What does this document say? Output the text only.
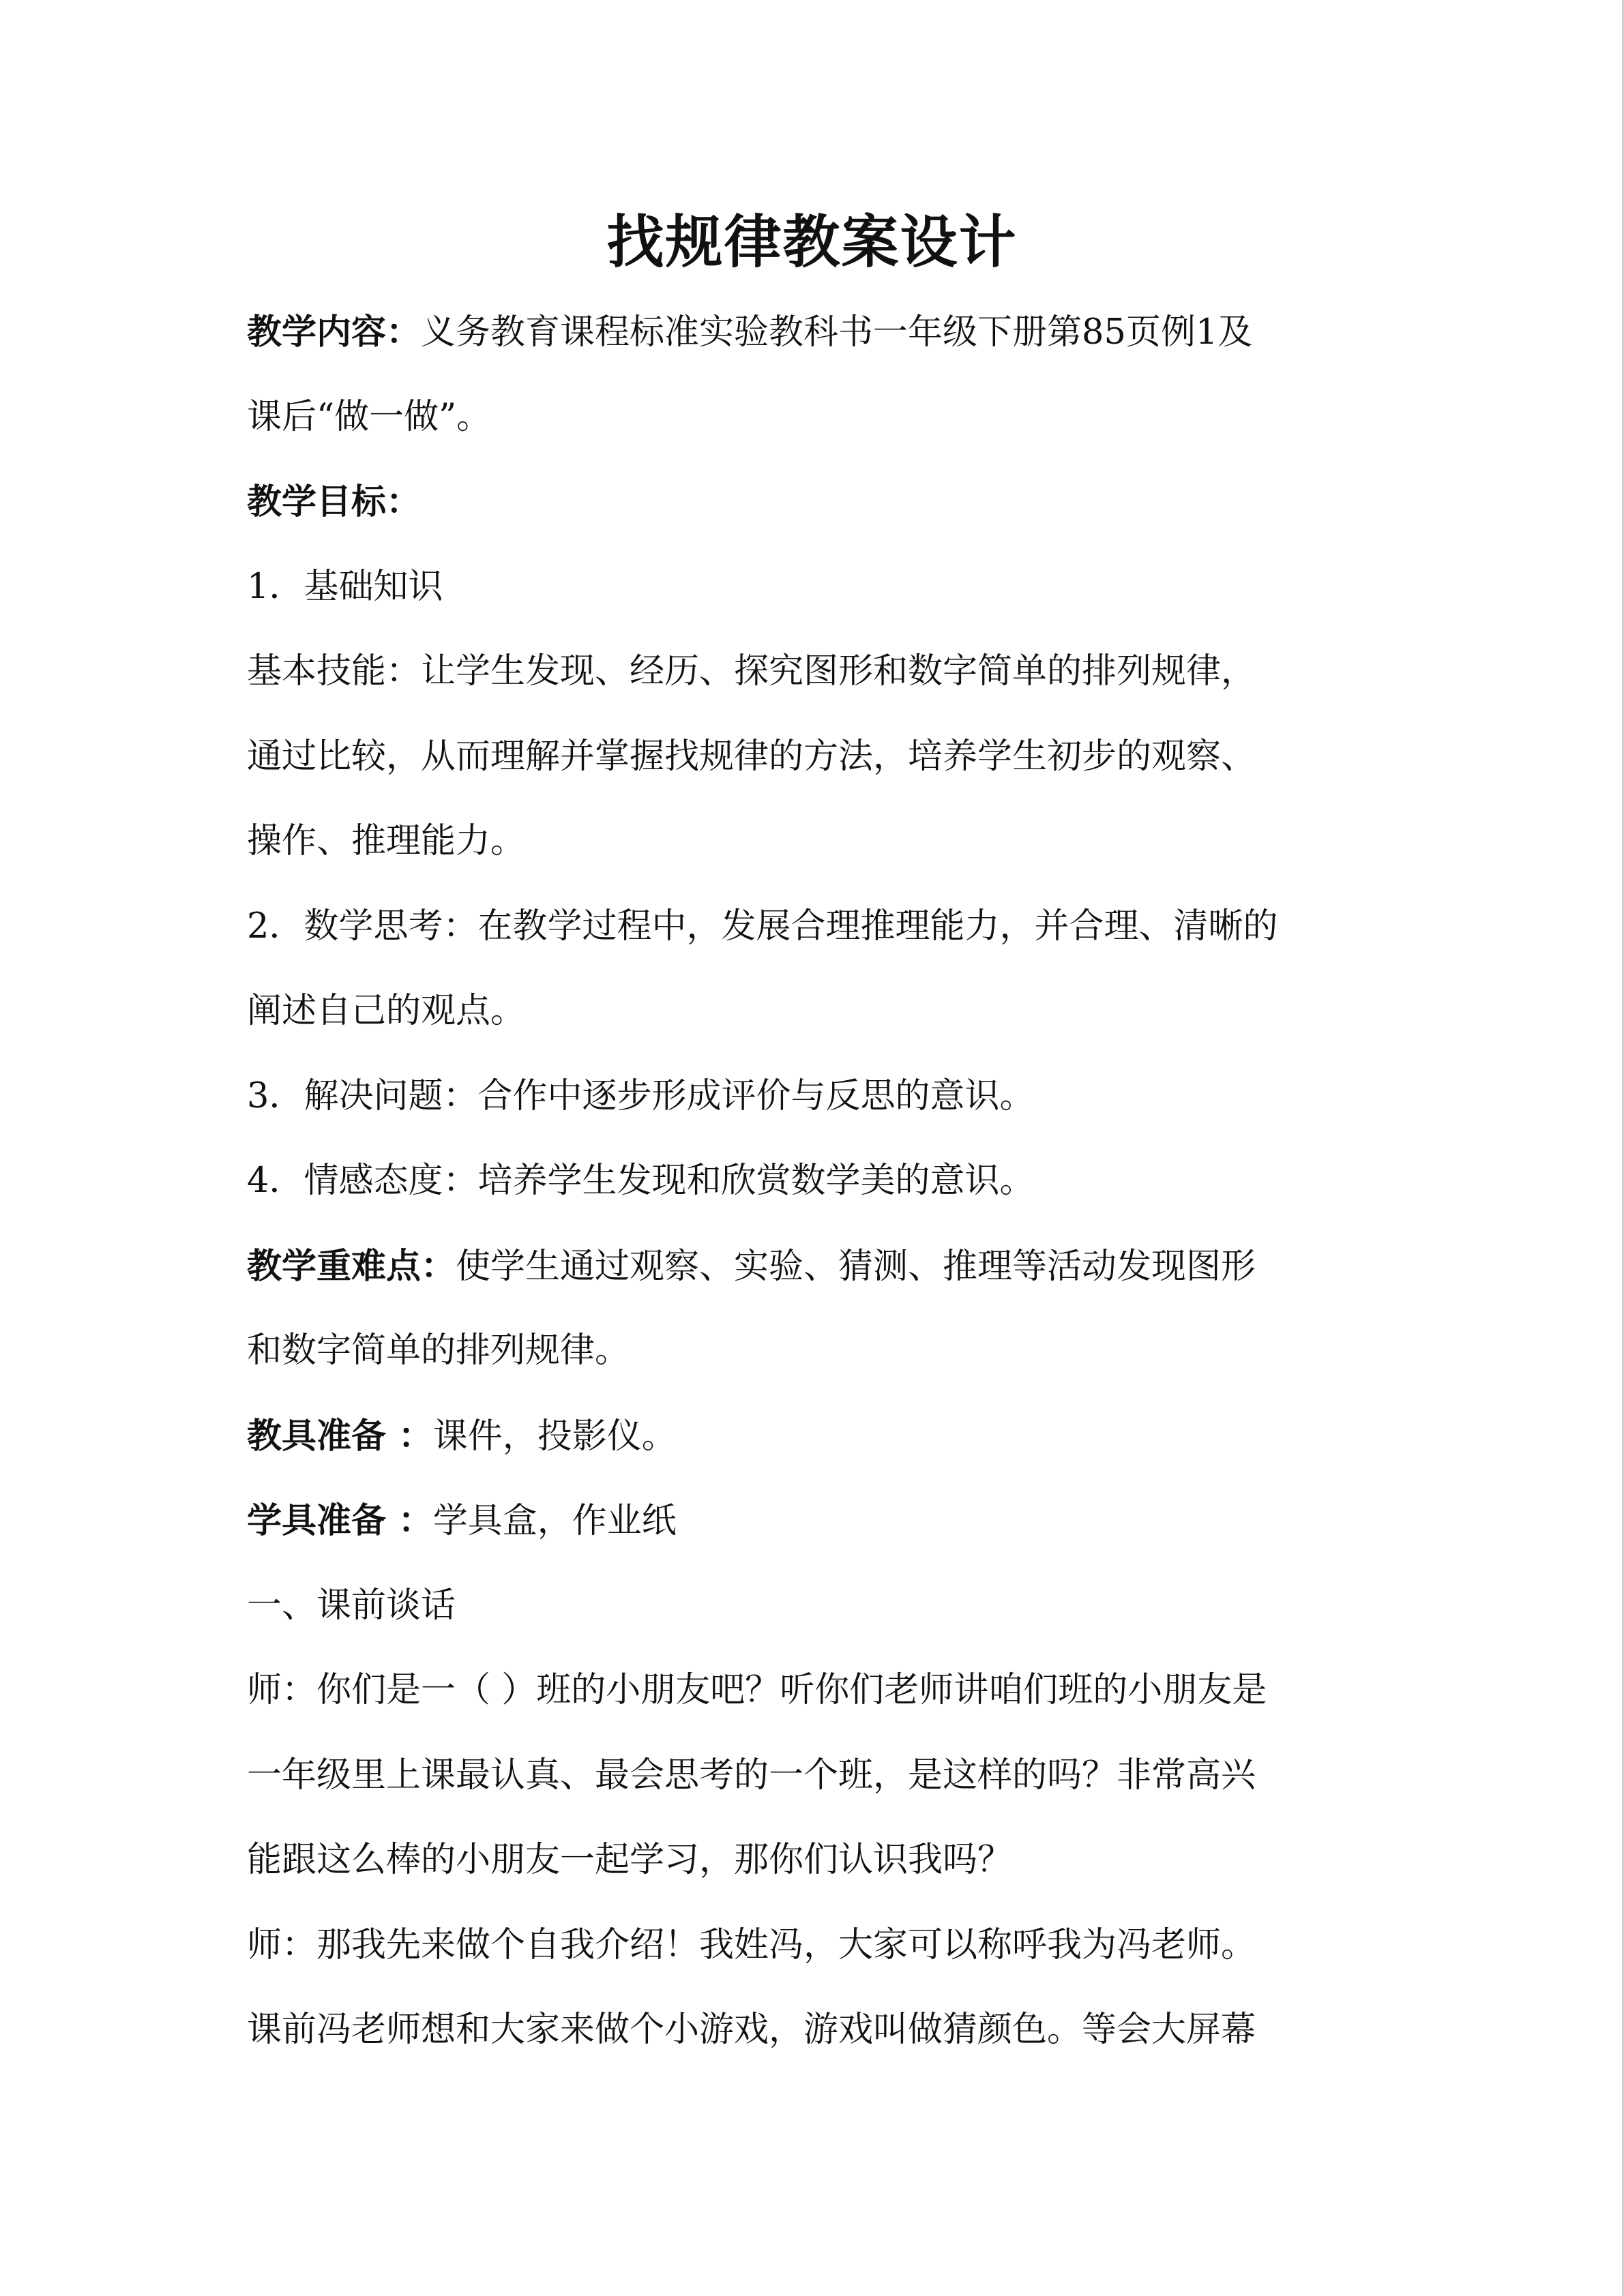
找规律教案设计
教学内容：义务教育课程标准实验教科书一年级下册第85页例1及
课后“做一做”。
教学目标：
1．基础知识
基本技能：让学生发现、经历、探究图形和数字简单的排列规律，
通过比较，从而理解并掌握找规律的方法，培养学生初步的观察、
操作、推理能力。
2．数学思考：在教学过程中，发展合理推理能力，并合理、清晰的
阐述自己的观点。
3．解决问题：合作中逐步形成评价与反思的意识。
4．情感态度：培养学生发现和欣赏数学美的意识。
教学重难点：使学生通过观察、实验、猜测、推理等活动发现图形
和数字简单的排列规律。
教具准备 ：课件，投影仪。
学具准备 ：学具盒，作业纸
一、课前谈话
师：你们是一（ ）班的小朋友吧？听你们老师讲咱们班的小朋友是
一年级里上课最认真、最会思考的一个班，是这样的吗？非常高兴
能跟这么棒的小朋友一起学习，那你们认识我吗？
师：那我先来做个自我介绍！我姓冯，大家可以称呼我为冯老师。
课前冯老师想和大家来做个小游戏，游戏叫做猜颜色。等会大屏幕
